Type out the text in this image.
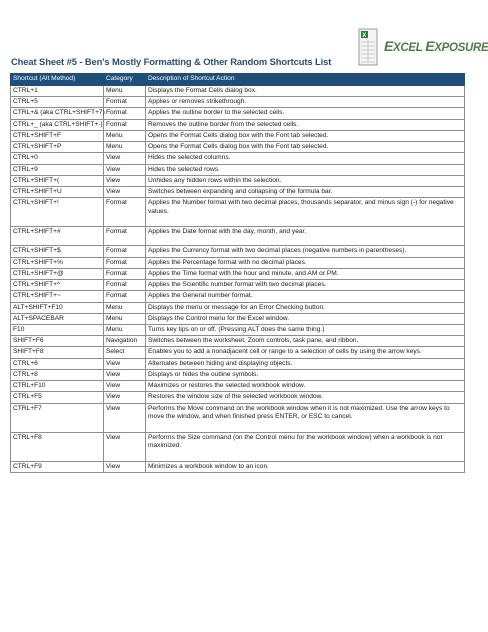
Cheat Sheet #5 - Ben's Mostly Formatting & Other Random Shortcuts List
X
EXCEL EXPOSURE
Shortcut (Alt Method)	Category	Description of Shortcut Action
CTRL+1	Menu	Displays the Format Cells dialog box.
CTRL+5	Format	Applies or removes strikethrough.
CTRL+& (aka CTRL+SHIFT+7)	Format	Applies the outline border to the selected cells.
CTRL+_ (aka CTRL+SHIFT+-)	Format	Removes the outline border from the selected cells.
CTRL+SHIFT+F	Menu	Opens the Format Cells dialog box with the Font tab selected.
CTRL+SHIFT+P	Menu	Opens the Format Cells dialog box with the Font tab selected.
CTRL+0	View	Hides the selected columns.
CTRL+9	View	Hides the selected rows.
CTRL+SHIFT+(	View	Unhides any hidden rows within the selection.
CTRL+SHIFT+U	View	Switches between expanding and collapsing of the formula bar.
CTRL+SHIFT+!	Format	Applies the Number format with two decimal places, thousands separator, and minus sign (-) for negative values.
CTRL+SHIFT+#	Format	Applies the Date format with the day, month, and year.
CTRL+SHIFT+$	Format	Applies the Currency format with two decimal places (negative numbers in parentheses).
CTRL+SHIFT+%	Format	Applies the Percentage format with no decimal places.
CTRL+SHIFT+@	Format	Applies the Time format with the hour and minute, and AM or PM.
CTRL+SHIFT+^	Format	Applies the Scientific number format with two decimal places.
CTRL+SHIFT+~	Format	Applies the General number format.
ALT+SHIFT+F10	Menu	Displays the menu or message for an Error Checking button.
ALT+SPACEBAR	Menu	Displays the Control menu for the Excel window.
F10	Menu	Turns key tips on or off. (Pressing ALT does the same thing.)
SHIFT+F6	Navigation	Switches between the worksheet, Zoom controls, task pane, and ribbon.
SHIFT+F8	Select	Enables you to add a nonadjacent cell or range to a selection of cells by using the arrow keys.
CTRL+6	View	Alternates between hiding and displaying objects.
CTRL+8	View	Displays or hides the outline symbols.
CTRL+F10	View	Maximizes or restores the selected workbook window.
CTRL+F5	View	Restores the window size of the selected workbook window.
CTRL+F7	View	Performs the Move command on the workbook window when it is not maximized. Use the arrow keys to move the window, and when finished press ENTER, or ESC to cancel.
CTRL+F8	View	Performs the Size command (on the Control menu for the workbook window) when a workbook is not maximized.
CTRL+F9	View	Minimizes a workbook window to an icon.
